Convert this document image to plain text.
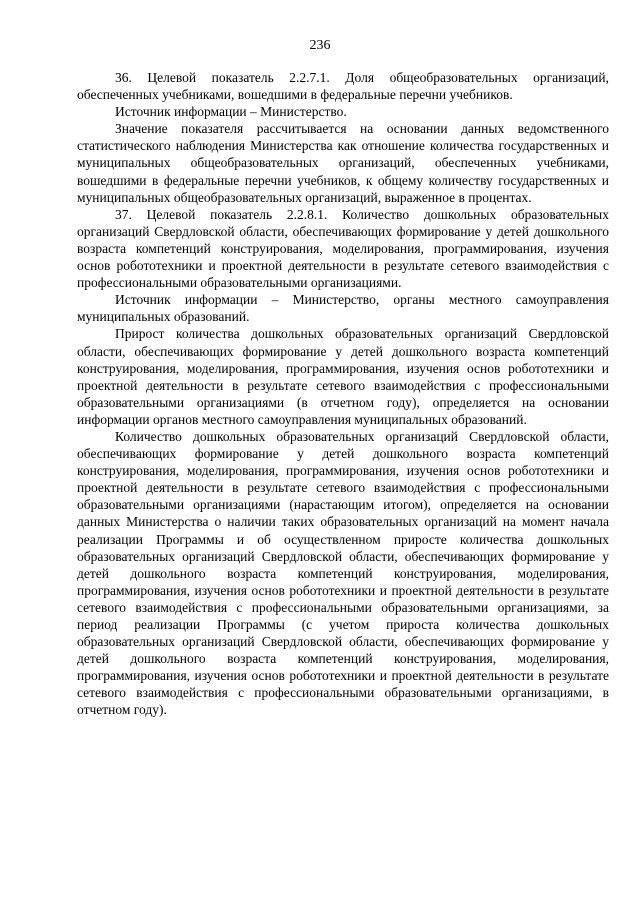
236

36. Целевой показатель 2.2.7.1. Доля общеобразовательных организаций, обеспеченных учебниками, вошедшими в федеральные перечни учебников.

Источник информации – Министерство.

Значение показателя рассчитывается на основании данных ведомственного статистического наблюдения Министерства как отношение количества государственных и муниципальных общеобразовательных организаций, обеспеченных учебниками, вошедшими в федеральные перечни учебников, к общему количеству государственных и муниципальных общеобразовательных организаций, выраженное в процентах.

37. Целевой показатель 2.2.8.1. Количество дошкольных образовательных организаций Свердловской области, обеспечивающих формирование у детей дошкольного возраста компетенций конструирования, моделирования, программирования, изучения основ робототехники и проектной деятельности в результате сетевого взаимодействия с профессиональными образовательными организациями.

Источник информации – Министерство, органы местного самоуправления муниципальных образований.

Прирост количества дошкольных образовательных организаций Свердловской области, обеспечивающих формирование у детей дошкольного возраста компетенций конструирования, моделирования, программирования, изучения основ робототехники и проектной деятельности в результате сетевого взаимодействия с профессиональными образовательными организациями (в отчетном году), определяется на основании информации органов местного самоуправления муниципальных образований.

Количество дошкольных образовательных организаций Свердловской области, обеспечивающих формирование у детей дошкольного возраста компетенций конструирования, моделирования, программирования, изучения основ робототехники и проектной деятельности в результате сетевого взаимодействия с профессиональными образовательными организациями (нарастающим итогом), определяется на основании данных Министерства о наличии таких образовательных организаций на момент начала реализации Программы и об осуществленном приросте количества дошкольных образовательных организаций Свердловской области, обеспечивающих формирование у детей дошкольного возраста компетенций конструирования, моделирования, программирования, изучения основ робототехники и проектной деятельности в результате сетевого взаимодействия с профессиональными образовательными организациями, за период реализации Программы (с учетом прироста количества дошкольных образовательных организаций Свердловской области, обеспечивающих формирование у детей дошкольного возраста компетенций конструирования, моделирования, программирования, изучения основ робототехники и проектной деятельности в результате сетевого взаимодействия с профессиональными образовательными организациями, в отчетном году).
